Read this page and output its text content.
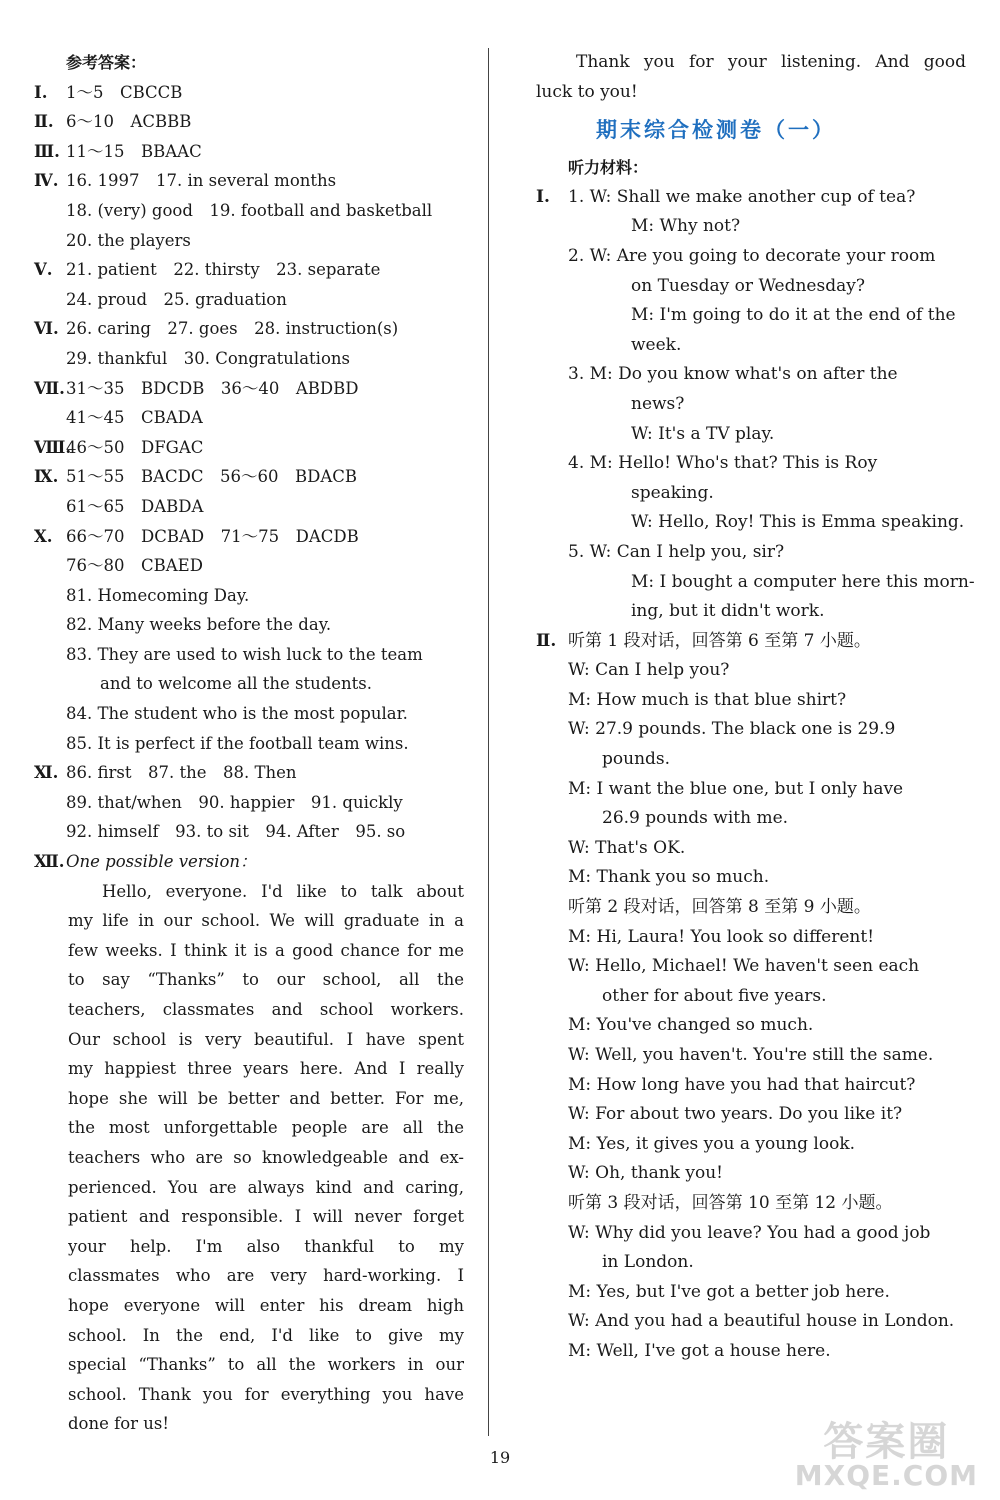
参考答案：
Ⅰ. 1～5　CBCCB
Ⅱ. 6～10　ACBBB
Ⅲ. 11～15　BBAAC
Ⅳ. 16. 1997　17. in several months
18. (very) good　19. football and basketball
20. the players
Ⅴ. 21. patient　22. thirsty　23. separate
24. proud　25. graduation
Ⅵ. 26. caring　27. goes　28. instruction(s)
29. thankful　30. Congratulations
Ⅶ. 31～35　BDCDB　36～40　ABDBD
41～45　CBADA
Ⅷ.
46～50　DFGAC
Ⅸ. 51～55　BACDC　56～60　BDACB
61～65　DABDA
Ⅹ. 66～70　DCBAD　71～75　DACDB
76～80　CBAED
81. Homecoming Day.
82. Many weeks before the day.
83. They are used to wish luck to the team
and to welcome all the students.
84. The student who is the most popular.
85. It is perfect if the football team wins.
Ⅺ. 86. first　87. the　88. Then
89. that/when　90. happier　91. quickly
92. himself　93. to sit　94. After　95. so
Ⅻ. One possible version：
Hello, everyone. I'd like to talk about
my life in our school. We will graduate in a
few weeks. I think it is a good chance for me
to say “Thanks” to our school, all the
teachers, classmates and school workers.
Our school is very beautiful. I have spent
my happiest three years here. And I really
hope she will be better and better. For me,
the most unforgettable people are all the
teachers who are so knowledgeable and ex-
perienced. You are always kind and caring,
patient and responsible. I will never forget
your help. I'm also thankful to my
classmates who are very hard-working. I
hope everyone will enter his dream high
school. In the end, I'd like to give my
special “Thanks” to all the workers in our
school. Thank you for everything you have
done for us!
Thank you for your listening. And good
luck to you!
期末综合检测卷（一）
听力材料：
Ⅰ. 1. W: Shall we make another cup of tea?
M: Why not?
2. W: Are you going to decorate your room
on Tuesday or Wednesday?
M: I'm going to do it at the end of the
week.
3. M: Do you know what's on after the
news?
W: It's a TV play.
4. M: Hello! Who's that? This is Roy
speaking.
W: Hello, Roy! This is Emma speaking.
5. W: Can I help you, sir?
M: I bought a computer here this morn-
ing, but it didn't work.
Ⅱ. 听第 1 段对话，回答第 6 至第 7 小题。
W: Can I help you?
M: How much is that blue shirt?
W: 27.9 pounds. The black one is 29.9
pounds.
M: I want the blue one, but I only have
26.9 pounds with me.
W: That's OK.
M: Thank you so much.
听第 2 段对话，回答第 8 至第 9 小题。
M: Hi, Laura! You look so different!
W: Hello, Michael! We haven't seen each
other for about five years.
M: You've changed so much.
W: Well, you haven't. You're still the same.
M: How long have you had that haircut?
W: For about two years. Do you like it?
M: Yes, it gives you a young look.
W: Oh, thank you!
听第 3 段对话，回答第 10 至第 12 小题。
W: Why did you leave? You had a good job
in London.
M: Yes, but I've got a better job here.
W: And you had a beautiful house in London.
M: Well, I've got a house here.
19	答案圈
MXQE.COM
